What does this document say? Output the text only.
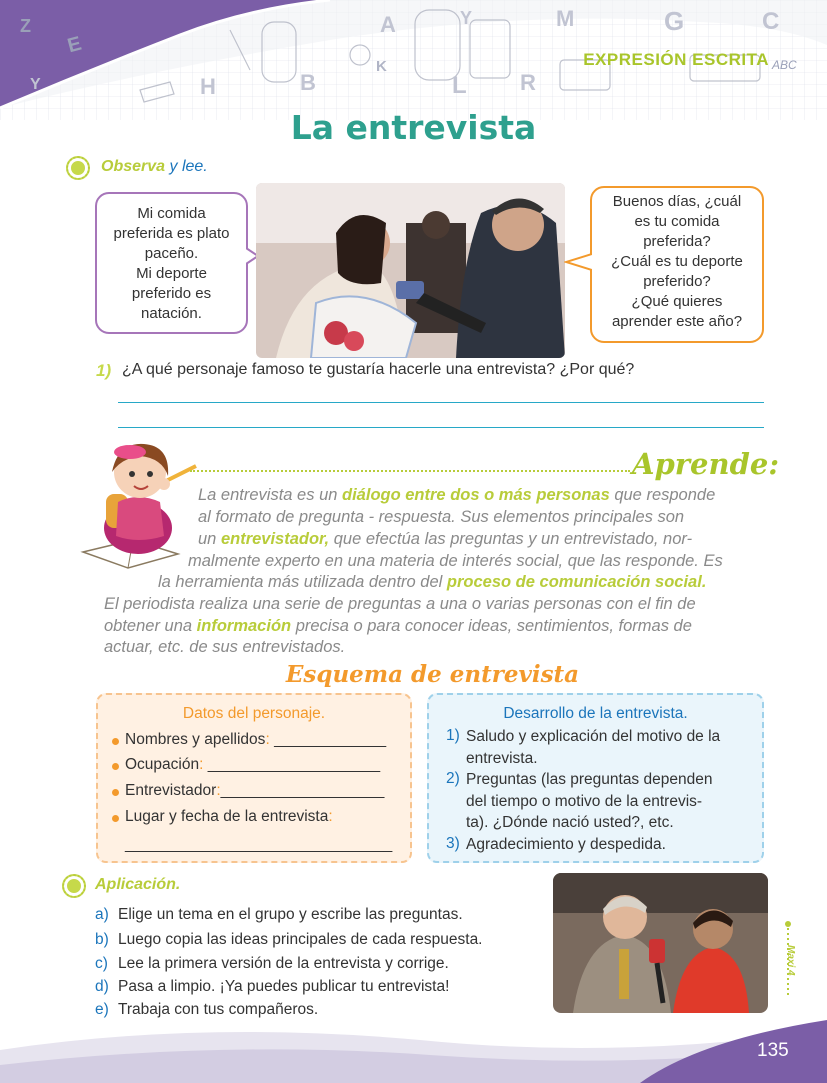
Z
E
Y	H	B
K
A
L R
Y	M	G	C
ABC
EXPRESIÓN ESCRITA
La entrevista
Observa y lee.
Mi comida
preferida es plato
paceño.
Mi deporte
preferido es
natación.
Buenos días, ¿cuál
es tu comida
preferida?
¿Cuál es tu deporte
preferido?
¿Qué quieres
aprender este año?
1) ¿A qué personaje famoso te gustaría hacerle una entrevista? ¿Por qué?
Aprende:
La entrevista es un diálogo entre dos o más personas que responde
al formato de pregunta - respuesta. Sus elementos principales son
un entrevistador, que efectúa las preguntas y un entrevistado, nor-
malmente experto en una materia de interés social, que las responde. Es
la herramienta más utilizada dentro del proceso de comunicación social.
El periodista realiza una serie de preguntas a una o varias personas con el fin de
obtener una información precisa o para conocer ideas, sentimientos, formas de
actuar, etc. de sus entrevistados.
Esquema de entrevista
Datos del personaje.
Nombres y apellidos: _____________
Ocupación: ____________________
Entrevistador:___________________
Lugar y fecha de la entrevista:
_______________________________
Desarrollo de la entrevista.
1) Saludo y explicación del motivo de la
entrevista.
2) Preguntas (las preguntas dependen
del tiempo o motivo de la entrevis-
ta). ¿Dónde nació usted?, etc.
3) Agradecimiento y despedida.
Aplicación.
a) Elige un tema en el grupo y escribe las preguntas.
b) Luego copia las ideas principales de cada respuesta.
c) Lee la primera versión de la entrevista y corrige.
d) Pasa a limpio. ¡Ya puedes publicar tu entrevista!
e) Trabaja con tus compañeros.
Maxi 4
135
